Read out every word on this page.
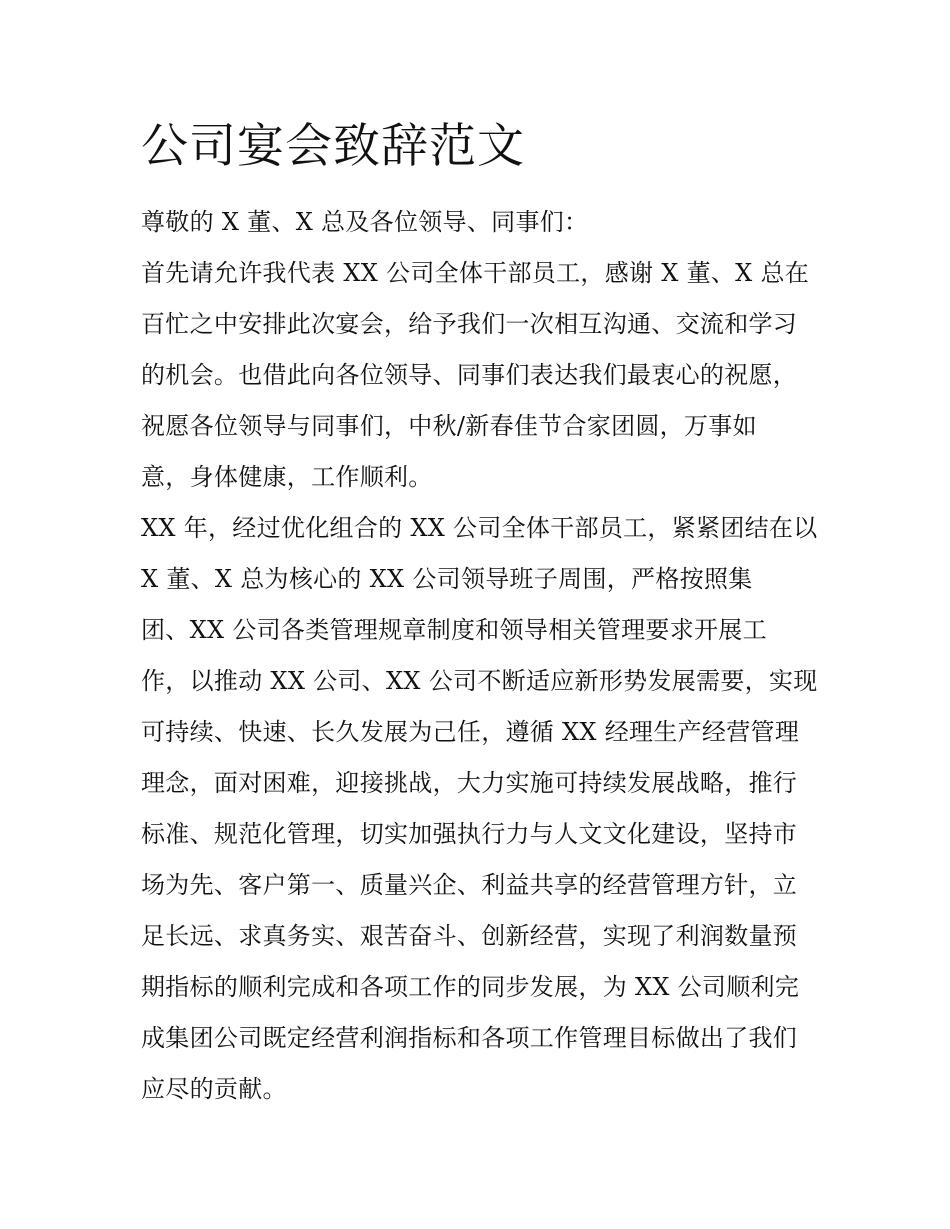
公司宴会致辞范文
尊敬的 X 董、X 总及各位领导、同事们：
首先请允许我代表 XX 公司全体干部员工，感谢 X 董、X 总在
百忙之中安排此次宴会，给予我们一次相互沟通、交流和学习
的机会。也借此向各位领导、同事们表达我们最衷心的祝愿，
祝愿各位领导与同事们，中秋/新春佳节合家团圆，万事如
意，身体健康，工作顺利。
XX 年，经过优化组合的 XX 公司全体干部员工，紧紧团结在以
X 董、X 总为核心的 XX 公司领导班子周围，严格按照集
团、XX 公司各类管理规章制度和领导相关管理要求开展工
作，以推动 XX 公司、XX 公司不断适应新形势发展需要，实现
可持续、快速、长久发展为己任，遵循 XX 经理生产经营管理
理念，面对困难，迎接挑战，大力实施可持续发展战略，推行
标准、规范化管理，切实加强执行力与人文文化建设，坚持市
场为先、客户第一、质量兴企、利益共享的经营管理方针，立
足长远、求真务实、艰苦奋斗、创新经营，实现了利润数量预
期指标的顺利完成和各项工作的同步发展，为 XX 公司顺利完
成集团公司既定经营利润指标和各项工作管理目标做出了我们
应尽的贡献。
